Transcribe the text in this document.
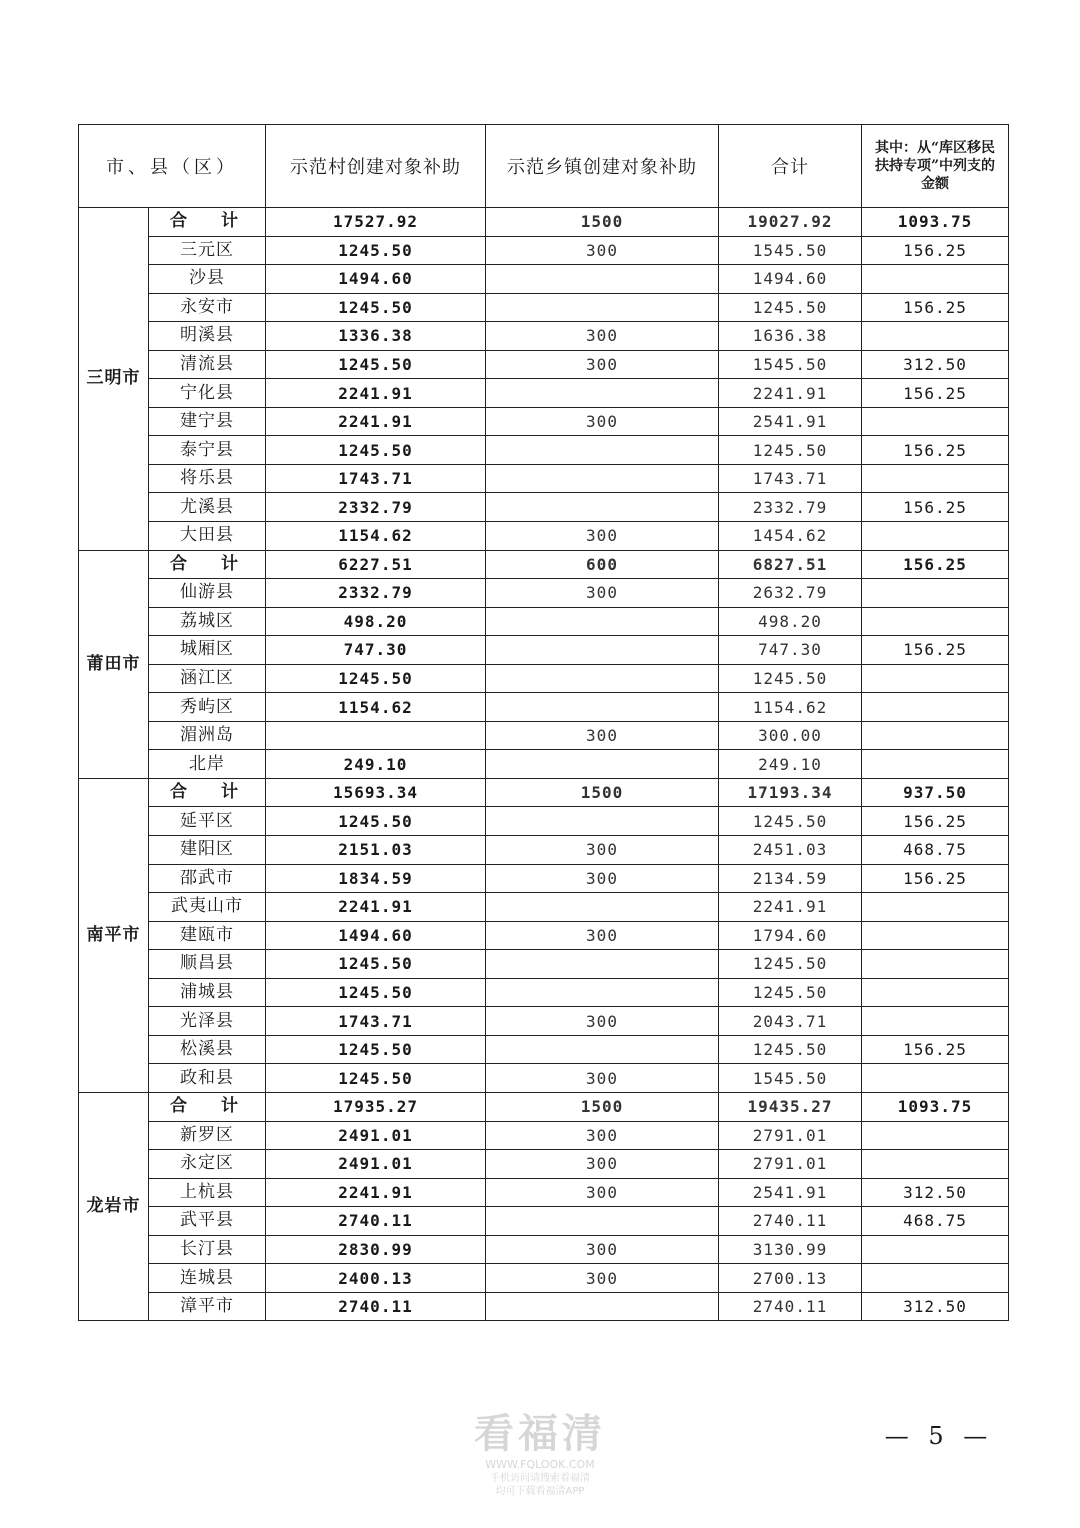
市、县（区）		示范村创建对象补助	示范乡镇创建对象补助	合计	其中：从“库区移民扶持专项”中列支的金额
三明市	合 计	17527.92	1500	19027.92	1093.75
	三元区	1245.50	300	1545.50	156.25
	沙县	1494.60		1494.60	
	永安市	1245.50		1245.50	156.25
	明溪县	1336.38	300	1636.38	
	清流县	1245.50	300	1545.50	312.50
	宁化县	2241.91		2241.91	156.25
	建宁县	2241.91	300	2541.91	
	泰宁县	1245.50		1245.50	156.25
	将乐县	1743.71		1743.71	
	尤溪县	2332.79		2332.79	156.25
	大田县	1154.62	300	1454.62	
莆田市	合 计	6227.51	600	6827.51	156.25
	仙游县	2332.79	300	2632.79	
	荔城区	498.20		498.20	
	城厢区	747.30		747.30	156.25
	涵江区	1245.50		1245.50	
	秀屿区	1154.62		1154.62	
	湄洲岛		300	300.00	
	北岸	249.10		249.10	
南平市	合 计	15693.34	1500	17193.34	937.50
	延平区	1245.50		1245.50	156.25
	建阳区	2151.03	300	2451.03	468.75
	邵武市	1834.59	300	2134.59	156.25
	武夷山市	2241.91		2241.91	
	建瓯市	1494.60	300	1794.60	
	顺昌县	1245.50		1245.50	
	浦城县	1245.50		1245.50	
	光泽县	1743.71	300	2043.71	
	松溪县	1245.50		1245.50	156.25
	政和县	1245.50	300	1545.50	
龙岩市	合 计	17935.27	1500	19435.27	1093.75
	新罗区	2491.01	300	2791.01	
	永定区	2491.01	300	2791.01	
	上杭县	2241.91	300	2541.91	312.50
	武平县	2740.11		2740.11	468.75
	长汀县	2830.99	300	3130.99	
	连城县	2400.13	300	2700.13	
	漳平市	2740.11		2740.11	312.50
— 5 —
看福清
WWW.FQLOOK.COM
手机访问请搜索看福清
均可下载看福清APP
